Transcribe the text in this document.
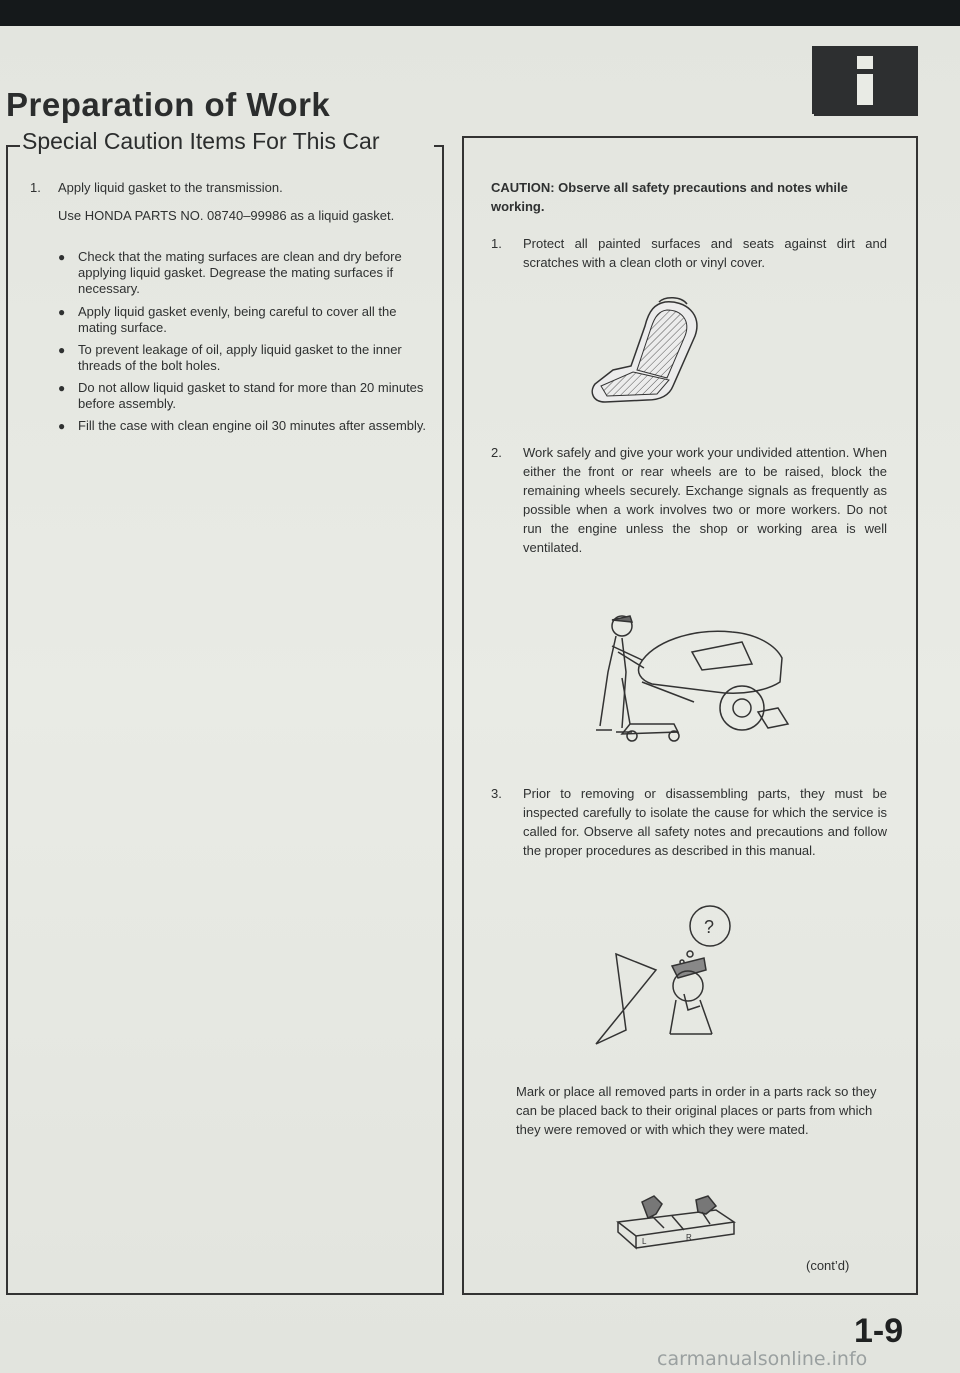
Preparation of Work
Special Caution Items For This Car
1. Apply liquid gasket to the transmission.

Use HONDA PARTS NO. 08740–99986 as a liquid gasket.

● Check that the mating surfaces are clean and dry before applying liquid gasket. Degrease the mating surfaces if necessary.
● Apply liquid gasket evenly, being careful to cover all the mating surface.
● To prevent leakage of oil, apply liquid gasket to the inner threads of the bolt holes.
● Do not allow liquid gasket to stand for more than 20 minutes before assembly.
● Fill the case with clean engine oil 30 minutes after assembly.

CAUTION: Observe all safety precautions and notes while working.

1. Protect all painted surfaces and seats against dirt and scratches with a clean cloth or vinyl cover.

2. Work safely and give your work your undivided attention. When either the front or rear wheels are to be raised, block the remaining wheels securely. Exchange signals as frequently as possible when a work involves two or more workers. Do not run the engine unless the shop or working area is well ventilated.

3. Prior to removing or disassembling parts, they must be inspected carefully to isolate the cause for which the service is called for. Observe all safety notes and precautions and follow the proper procedures as described in this manual.

?

Mark or place all removed parts in order in a parts rack so they can be placed back to their original places or parts from which they were removed or with which they were mated.

L	R
(cont’d)
1-9
carmanualsonline.info
